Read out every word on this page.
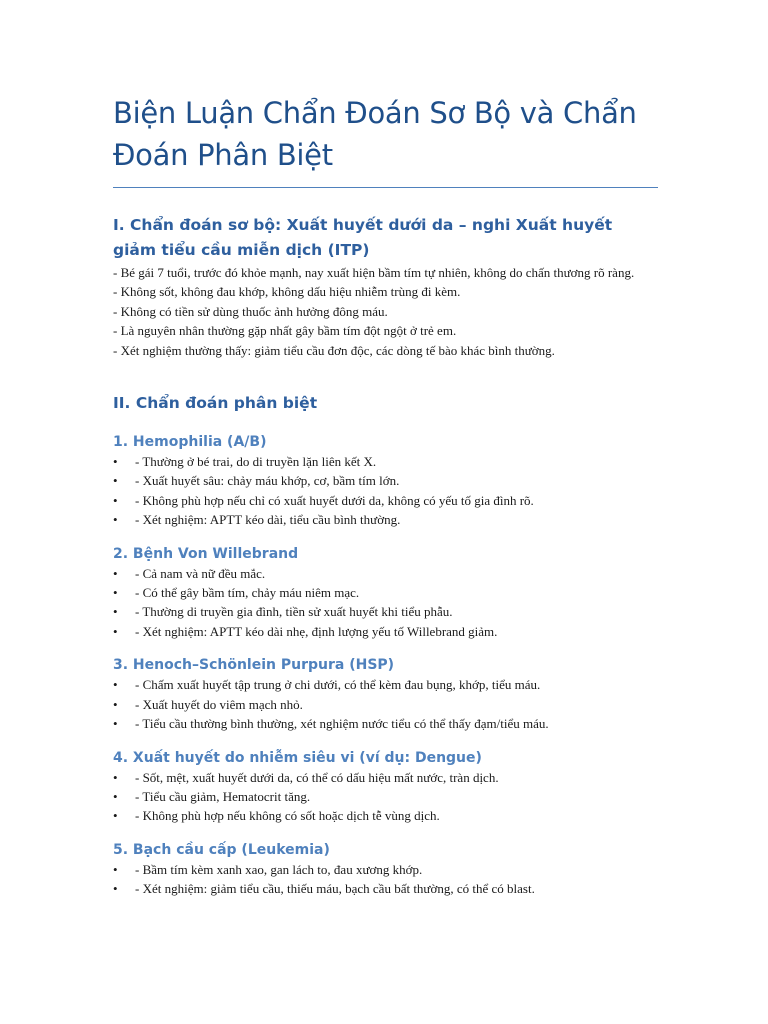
Biện Luận Chẩn Đoán Sơ Bộ và Chẩn Đoán Phân Biệt
I. Chẩn đoán sơ bộ: Xuất huyết dưới da – nghi Xuất huyết giảm tiểu cầu miễn dịch (ITP)
- Bé gái 7 tuổi, trước đó khỏe mạnh, nay xuất hiện bầm tím tự nhiên, không do chấn thương rõ ràng.
- Không sốt, không đau khớp, không dấu hiệu nhiễm trùng đi kèm.
- Không có tiền sử dùng thuốc ảnh hưởng đông máu.
- Là nguyên nhân thường gặp nhất gây bầm tím đột ngột ở trẻ em.
- Xét nghiệm thường thấy: giảm tiểu cầu đơn độc, các dòng tế bào khác bình thường.
II. Chẩn đoán phân biệt
1. Hemophilia (A/B)
• - Thường ở bé trai, do di truyền lặn liên kết X.
• - Xuất huyết sâu: chảy máu khớp, cơ, bầm tím lớn.
• - Không phù hợp nếu chỉ có xuất huyết dưới da, không có yếu tố gia đình rõ.
• - Xét nghiệm: APTT kéo dài, tiểu cầu bình thường.
2. Bệnh Von Willebrand
• - Cả nam và nữ đều mắc.
• - Có thể gây bầm tím, chảy máu niêm mạc.
• - Thường di truyền gia đình, tiền sử xuất huyết khi tiểu phẫu.
• - Xét nghiệm: APTT kéo dài nhẹ, định lượng yếu tố Willebrand giảm.
3. Henoch–Schönlein Purpura (HSP)
• - Chấm xuất huyết tập trung ở chi dưới, có thể kèm đau bụng, khớp, tiểu máu.
• - Xuất huyết do viêm mạch nhỏ.
• - Tiểu cầu thường bình thường, xét nghiệm nước tiểu có thể thấy đạm/tiểu máu.
4. Xuất huyết do nhiễm siêu vi (ví dụ: Dengue)
• - Sốt, mệt, xuất huyết dưới da, có thể có dấu hiệu mất nước, tràn dịch.
• - Tiểu cầu giảm, Hematocrit tăng.
• - Không phù hợp nếu không có sốt hoặc dịch tễ vùng dịch.
5. Bạch cầu cấp (Leukemia)
• - Bầm tím kèm xanh xao, gan lách to, đau xương khớp.
• - Xét nghiệm: giảm tiểu cầu, thiếu máu, bạch cầu bất thường, có thể có blast.
